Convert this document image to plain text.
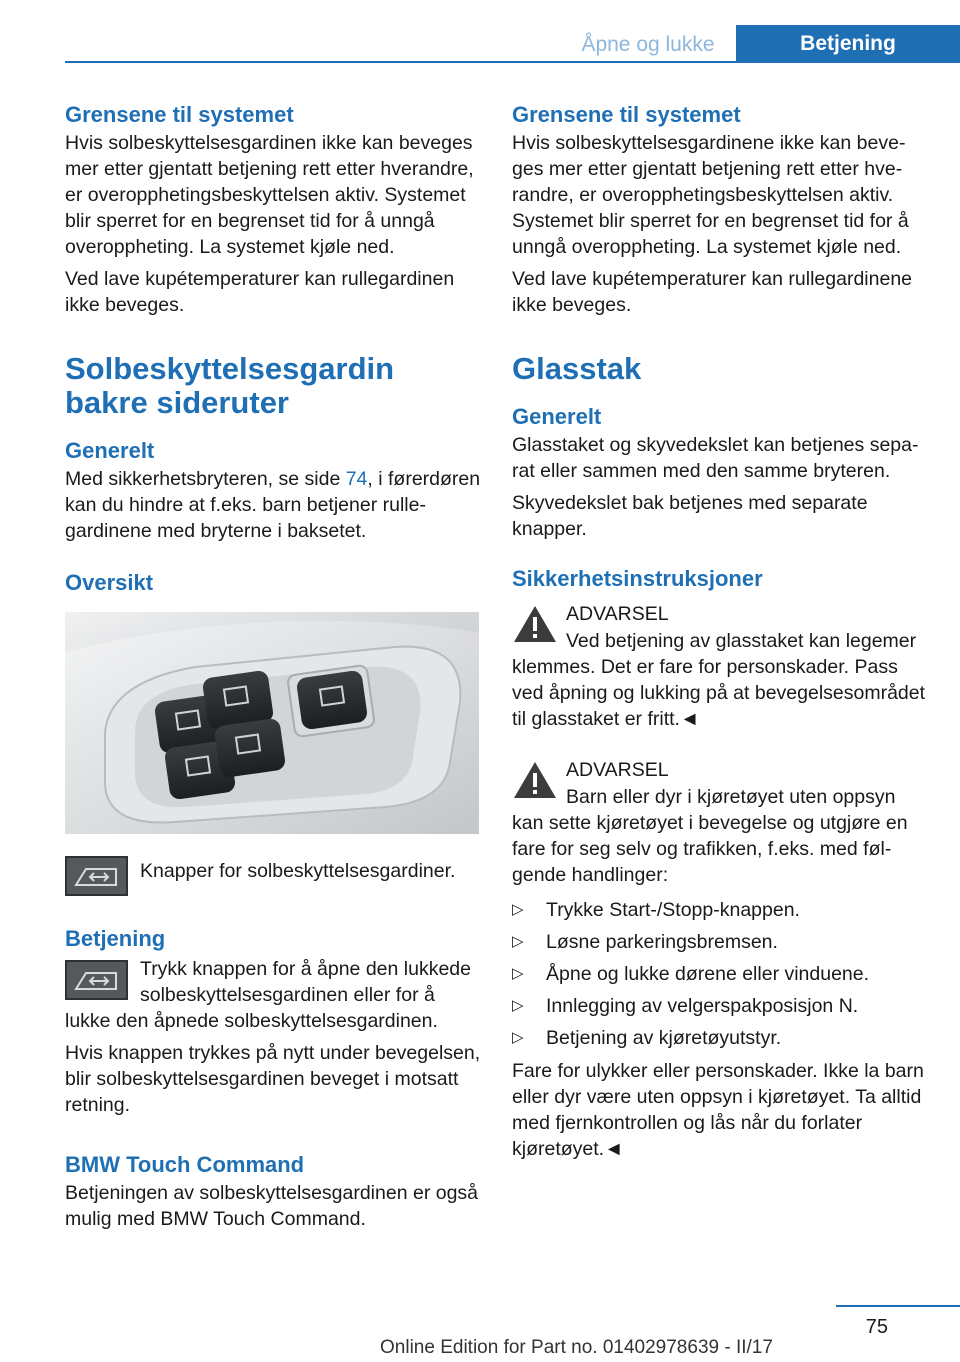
Åpne og lukke	Betjening
Grensene til systemet

Hvis solbeskyttelsesgardinen ikke kan beveges mer etter gjentatt betjening rett etter hverandre, er overopphetingsbeskyttelsen aktiv. Systemet blir sperret for en begrenset tid for å unngå overoppheting. La systemet kjøle ned.

Ved lave kupétemperaturer kan rullegardinen ikke beveges.

Solbeskyttelsesgardin bakre sideruter
Generelt

Med sikkerhetsbryteren, se side 74, i førerdøren kan du hindre at f.eks. barn betjener rullegardinene med bryterne i baksetet.

Oversikt

Knapper for solbeskyttelsesgardiner.

Betjening

Trykk knappen for å åpne den lukkede solbeskyttelsesgardinen eller for å lukke den åpnede solbeskyttelsesgardinen.

Hvis knappen trykkes på nytt under bevegelsen, blir solbeskyttelsesgardinen beveget i motsatt retning.

BMW Touch Command

Betjeningen av solbeskyttelsesgardinen er også mulig med BMW Touch Command.

Grensene til systemet

Hvis solbeskyttelsesgardinene ikke kan beveges mer etter gjentatt betjening rett etter hverandre, er overopphetingsbeskyttelsen aktiv. Systemet blir sperret for en begrenset tid for å unngå overoppheting. La systemet kjøle ned.

Ved lave kupétemperaturer kan rullegardinene ikke beveges.

Glasstak
Generelt

Glasstaket og skyvedekslet kan betjenes separat eller sammen med den samme bryteren.

Skyvedekslet bak betjenes med separate knapper.

Sikkerhetsinstruksjoner
ADVARSEL

Ved betjening av glasstaket kan legemer klemmes. Det er fare for personskader. Pass ved åpning og lukking på at bevegelsesområdet til glasstaket er fritt.◄

ADVARSEL

Barn eller dyr i kjøretøyet uten oppsyn kan sette kjøretøyet i bevegelse og utgjøre en fare for seg selv og trafikken, f.eks. med følgende handlinger:

▷ Trykke Start-/Stopp-knappen.
▷ Løsne parkeringsbremsen.
▷ Åpne og lukke dørene eller vinduene.
▷ Innlegging av velgerspakposisjon N.
▷ Betjening av kjøretøyutstyr.

Fare for ulykker eller personskader. Ikke la barn eller dyr være uten oppsyn i kjøretøyet. Ta alltid med fjernkontrollen og lås når du forlater kjøretøyet.◄

75
Online Edition for Part no. 01402978639 - II/17
